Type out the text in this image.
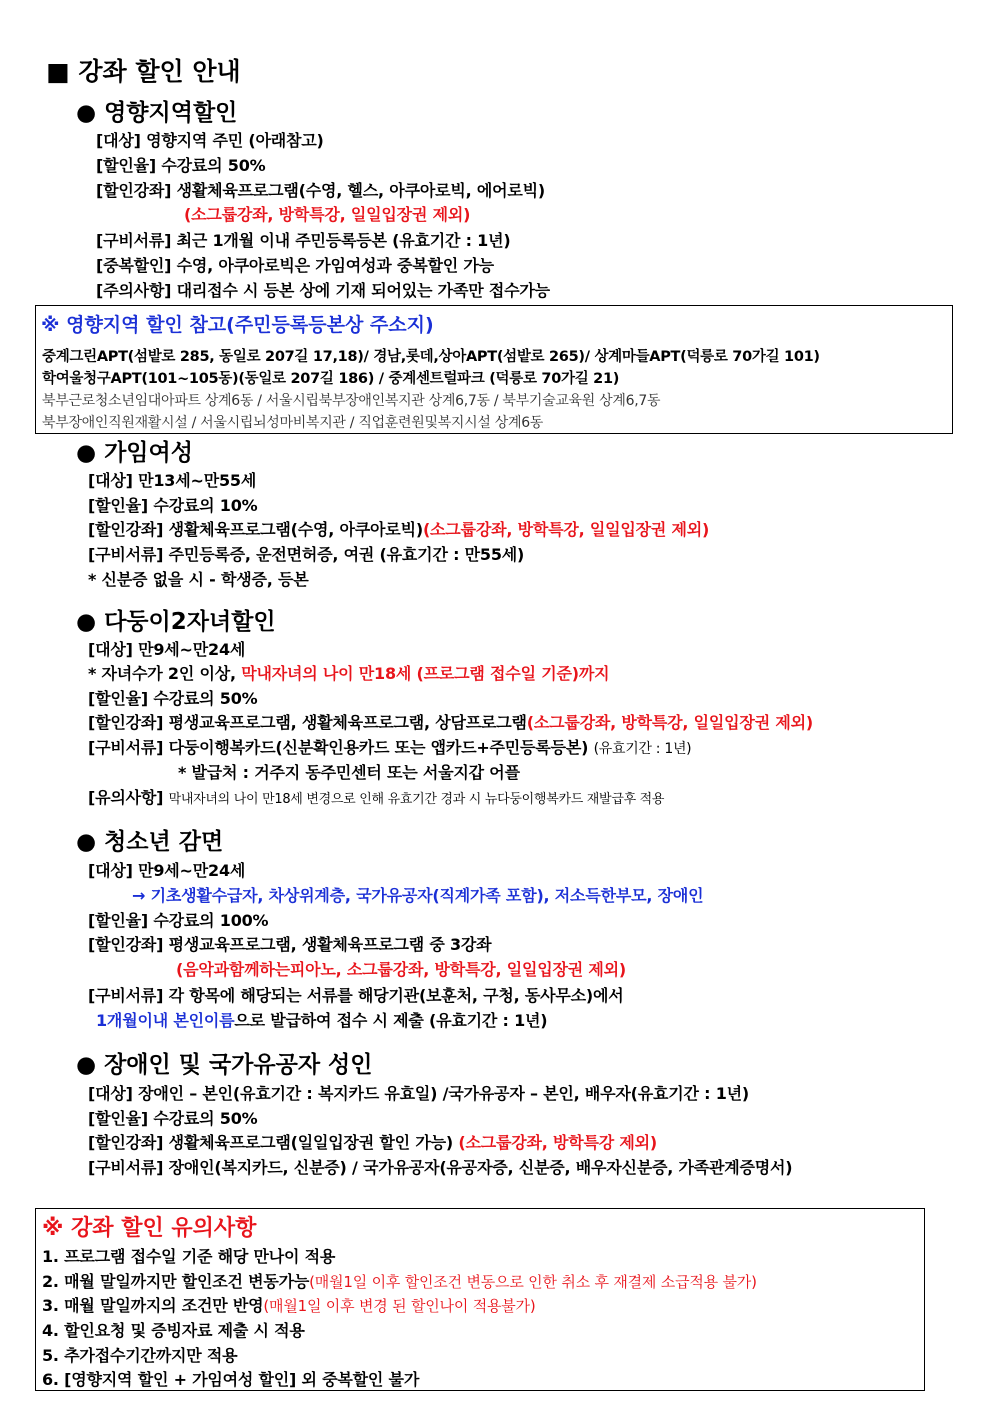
■ 강좌 할인 안내
● 영향지역할인
[대상] 영향지역 주민 (아래참고)
[할인율] 수강료의 50%
[할인강좌] 생활체육프로그램(수영, 헬스, 아쿠아로빅, 에어로빅)
(소그룹강좌, 방학특강, 일일입장권 제외)
[구비서류] 최근 1개월 이내 주민등록등본 (유효기간 : 1년)
[중복할인] 수영, 아쿠아로빅은 가임여성과 중복할인 가능
[주의사항] 대리접수 시 등본 상에 기재 되어있는 가족만 접수가능
※ 영향지역 할인 참고(주민등록등본상 주소지)
중계그린APT(섬밭로 285, 동일로 207길 17,18)/ 경남,롯데,상아APT(섬밭로 265)/ 상계마들APT(덕릉로 70가길 101)
학여울청구APT(101~105동)(동일로 207길 186) / 중계센트럴파크 (덕릉로 70가길 21)
북부근로청소년임대아파트 상계6동 / 서울시립북부장애인복지관 상계6,7동 / 북부기술교육원 상계6,7동
북부장애인직원재활시설 / 서울시립뇌성마비복지관 / 직업훈련원및복지시설 상계6동
● 가임여성
[대상] 만13세~만55세
[할인율] 수강료의 10%
[할인강좌] 생활체육프로그램(수영, 아쿠아로빅)(소그룹강좌, 방학특강, 일일입장권 제외)
[구비서류] 주민등록증, 운전면허증, 여권 (유효기간 : 만55세)
* 신분증 없을 시 - 학생증, 등본
● 다둥이2자녀할인
[대상] 만9세~만24세
* 자녀수가 2인 이상, 막내자녀의 나이 만18세 (프로그램 접수일 기준)까지
[할인율] 수강료의 50%
[할인강좌] 평생교육프로그램, 생활체육프로그램, 상담프로그램(소그룹강좌, 방학특강, 일일입장권 제외)
[구비서류] 다둥이행복카드(신분확인용카드 또는 앱카드+주민등록등본) (유효기간 : 1년)
* 발급처 : 거주지 동주민센터 또는 서울지갑 어플
[유의사항] 막내자녀의 나이 만18세 변경으로 인해 유효기간 경과 시 뉴다둥이행복카드 재발급후 적용
● 청소년 감면
[대상] 만9세~만24세
→ 기초생활수급자, 차상위계층, 국가유공자(직계가족 포함), 저소득한부모, 장애인
[할인율] 수강료의 100%
[할인강좌] 평생교육프로그램, 생활체육프로그램 중 3강좌
(음악과함께하는피아노, 소그룹강좌, 방학특강, 일일입장권 제외)
[구비서류] 각 항목에 해당되는 서류를 해당기관(보훈처, 구청, 동사무소)에서
1개월이내 본인이름으로 발급하여 접수 시 제출 (유효기간 : 1년)
● 장애인 및 국가유공자 성인
[대상] 장애인 – 본인(유효기간 : 복지카드 유효일) /국가유공자 – 본인, 배우자(유효기간 : 1년)
[할인율] 수강료의 50%
[할인강좌] 생활체육프로그램(일일입장권 할인 가능) (소그룹강좌, 방학특강 제외)
[구비서류] 장애인(복지카드, 신분증) / 국가유공자(유공자증, 신분증, 배우자신분증, 가족관계증명서)
※ 강좌 할인 유의사항
1. 프로그램 접수일 기준 해당 만나이 적용
2. 매월 말일까지만 할인조건 변동가능(매월1일 이후 할인조건 변동으로 인한 취소 후 재결제 소급적용 불가)
3. 매월 말일까지의 조건만 반영(매월1일 이후 변경 된 할인나이 적용불가)
4. 할인요청 및 증빙자료 제출 시 적용
5. 추가접수기간까지만 적용
6. [영향지역 할인 + 가임여성 할인] 외 중복할인 불가
